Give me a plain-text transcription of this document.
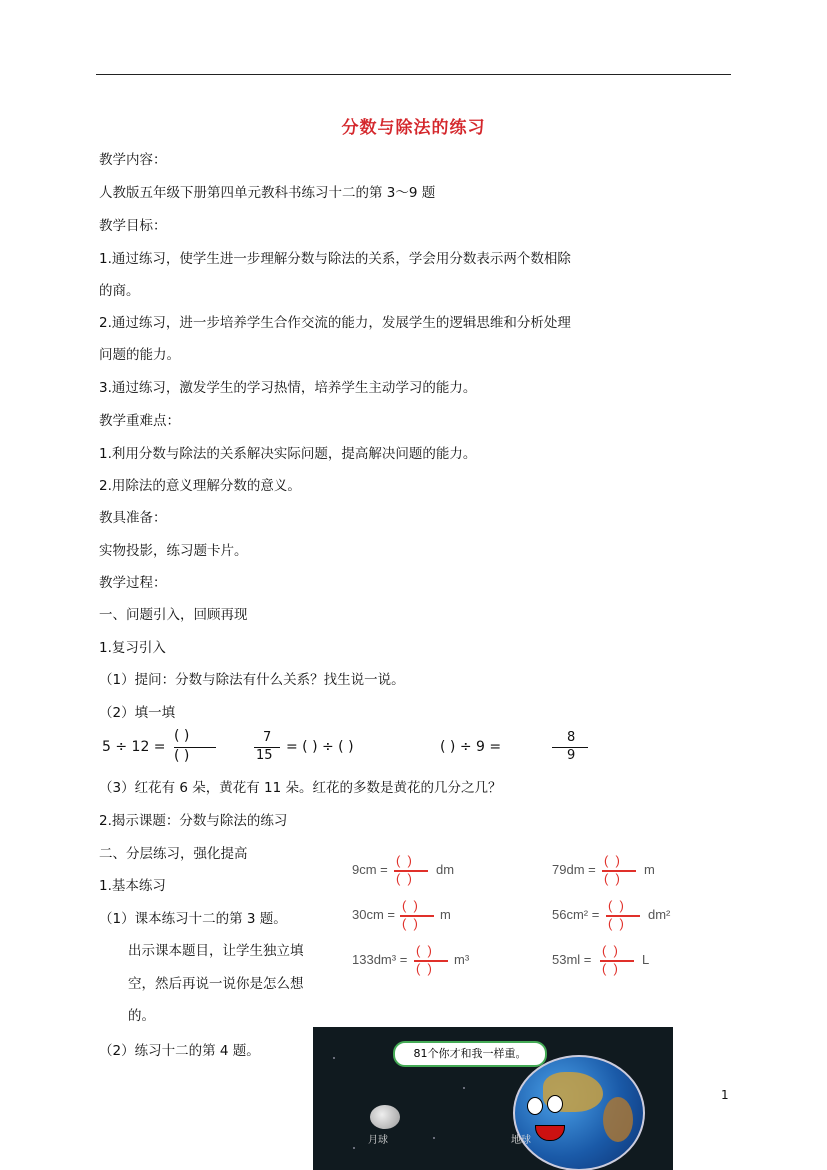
分数与除法的练习
教学内容：
人教版五年级下册第四单元教科书练习十二的第 3～9 题
教学目标：
1.通过练习，使学生进一步理解分数与除法的关系，学会用分数表示两个数相除
的商。
2.通过练习，进一步培养学生合作交流的能力，发展学生的逻辑思维和分析处理
问题的能力。
3.通过练习，激发学生的学习热情，培养学生主动学习的能力。
教学重难点：
1.利用分数与除法的关系解决实际问题，提高解决问题的能力。
2.用除法的意义理解分数的意义。
教具准备：
实物投影，练习题卡片。
教学过程：
一、问题引入，回顾再现
1.复习引入
（1）提问：分数与除法有什么关系？找生说一说。
（2）填一填
5 ÷ 12 =
( )
( )
7
15
= ( ) ÷ ( )	( ) ÷ 9 =
8
9
（3）红花有 6 朵，黄花有 11 朵。红花的多数是黄花的几分之几？
2.揭示课题：分数与除法的练习
二、分层练习，强化提高
1.基本练习
（1）课本练习十二的第 3 题。
出示课本题目，让学生独立填
空，然后再说一说你是怎么想
的。
（2）练习十二的第 4 题。
9cm =
(  )
(  )
dm	79dm =
(  )
(  )
m
30cm =
(  )
(  )
m	56cm² =
(  )
(  )
dm²
133dm³ =
(  )
(  )
m³	53ml =
(  )
(  )
L
81个你才和我一样重。
月球	地球
1
